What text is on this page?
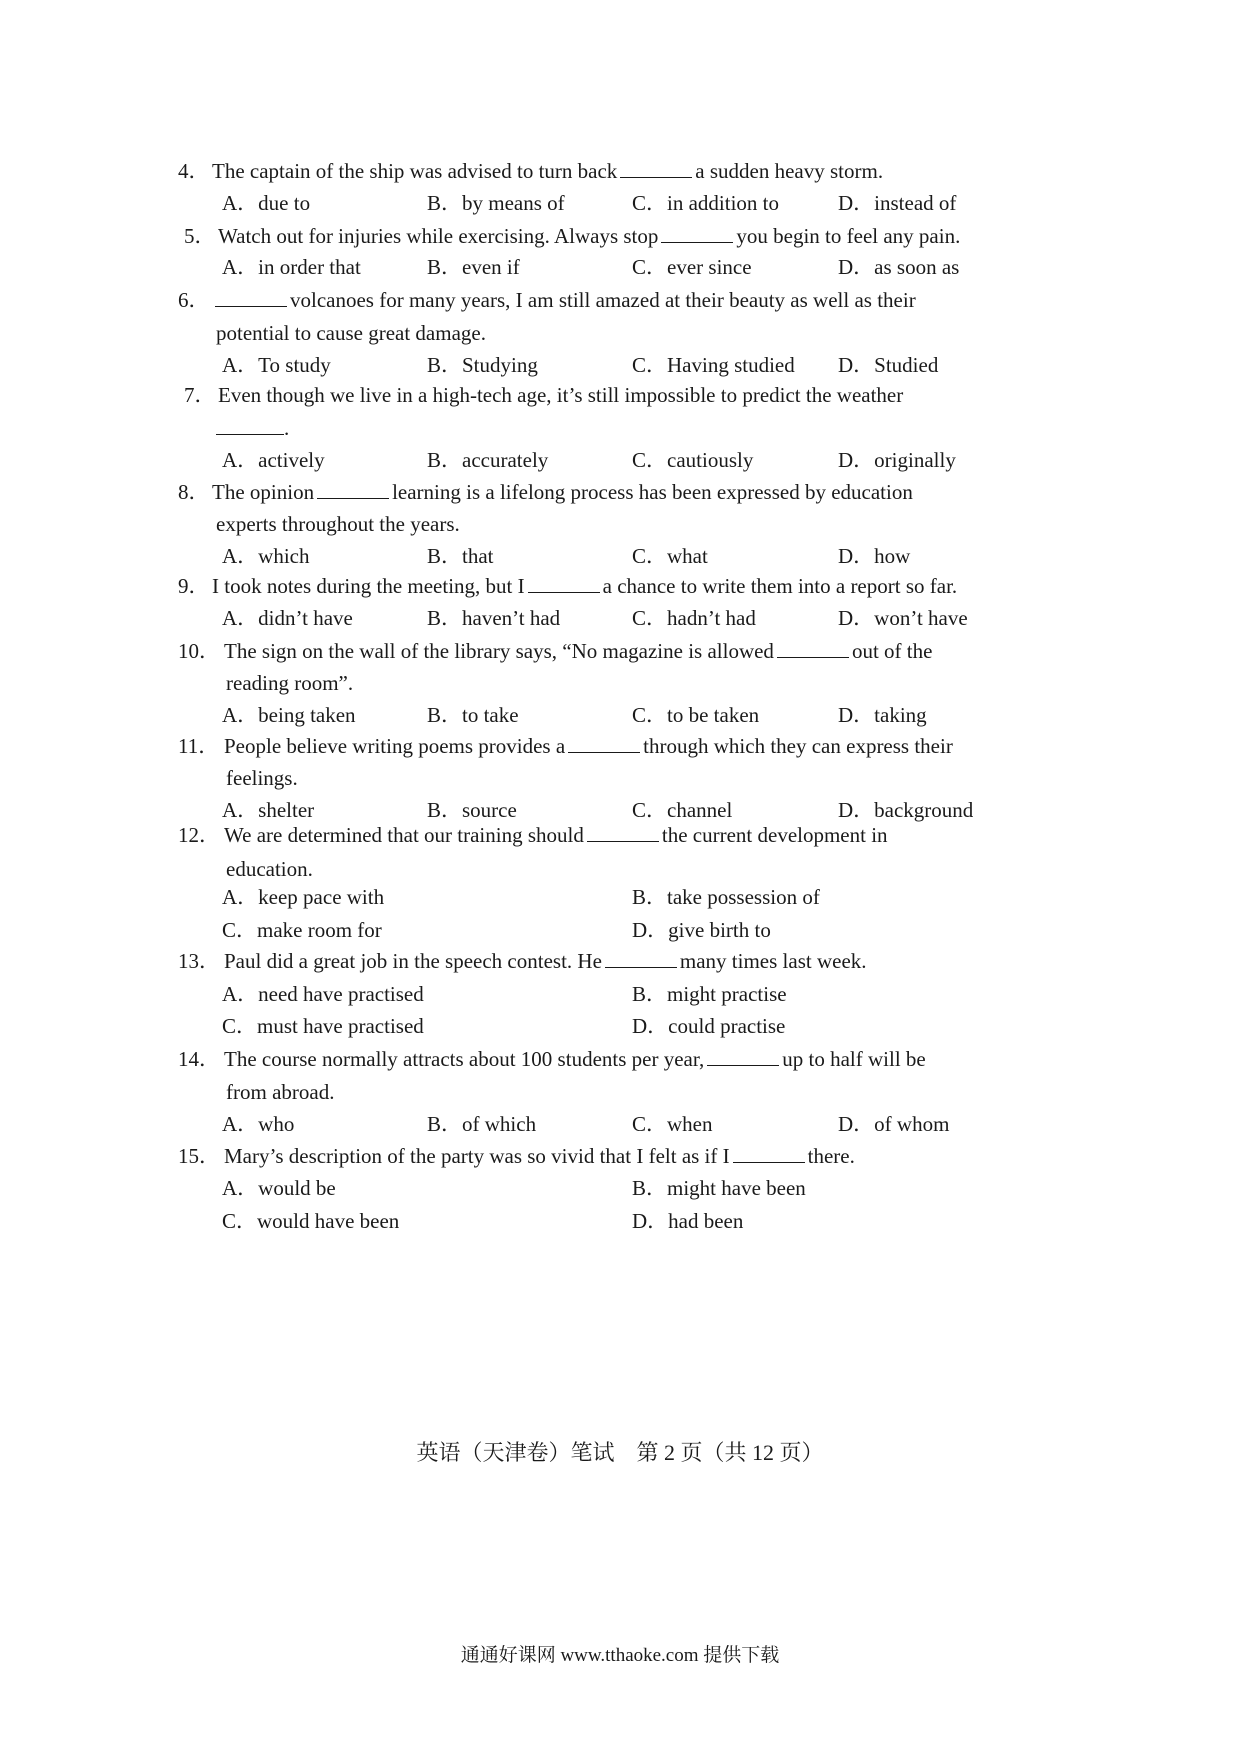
4． The captain of the ship was advised to turn back	a sudden heavy storm.
A．due to	B．by means of	C．in addition to	D．instead of
5． Watch out for injuries while exercising. Always stop	you begin to feel any pain.
A．in order that	B．even if	C．ever since	D．as soon as
6．	volcanoes for many years, I am still amazed at their beauty as well as their
potential to cause great damage.
A．To study	B．Studying	C．Having studied D．Studied
7． Even though we live in a high-tech age, it’s still impossible to predict the weather
.
A．actively	B．accurately	C．cautiously	D．originally
8． The opinion	learning is a lifelong process has been expressed by education
experts throughout the years.
A．which	B．that	C．what	D．how
9． I took notes during the meeting, but I	a chance to write them into a report so far.
A．didn’t have	B．haven’t had	C．hadn’t had	D．won’t have
10． The sign on the wall of the library says, “No magazine is allowed	out of the
reading room”.
A．being taken	B．to take	C．to be taken	D．taking
11． People believe writing poems provides a	through which they can express their
feelings.
A．shelter	B．source	C．channel	D．background
12． We are determined that our training should	the current development in
education.
A．keep pace with	B．take possession of
C．make room for	D．give birth to
13． Paul did a great job in the speech contest. He	many times last week.
A．need have practised	B．might practise
C．must have practised	D．could practise
14． The course normally attracts about 100 students per year,	up to half will be
from abroad.
A．who	B．of which	C．when	D．of whom
15． Mary’s description of the party was so vivid that I felt as if I	there.
A．would be	B．might have been
C．would have been	D．had been
英语（天津卷）笔试　第 2 页（共 12 页）
通通好课网 www.tthaoke.com 提供下载
